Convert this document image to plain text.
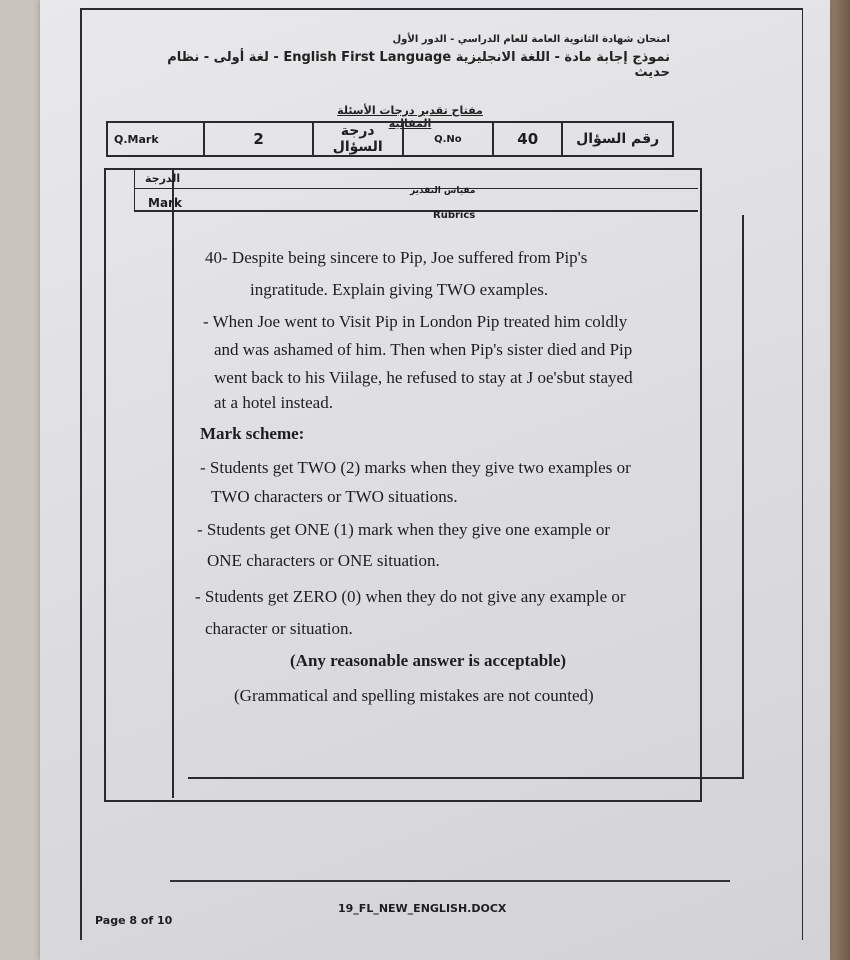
امتحان شهادة الثانوية العامة للعام الدراسي - الدور الأول
نموذج إجابة مادة - اللغة الانجليزية English First Language - لغة أولى - نظام حديث
مفتاح تقدير درجات الأسئلة المقالية
Q.Mark	2	درجة السؤال	Q.No	40	رقم السؤال
الدرجة
Mark
مقياس التقدير
Rubrics
40- Despite being sincere to Pip, Joe suffered from Pip's
ingratitude. Explain giving TWO examples.
- When Joe went to Visit Pip in London Pip treated him coldly
and was ashamed of him. Then when Pip's sister died and Pip
went back to his Viilage, he refused to stay at J oe'sbut stayed
at a hotel instead.
Mark scheme:
- Students get TWO (2) marks when they give two examples or
TWO characters or TWO situations.
- Students get ONE (1) mark when they give one example or
ONE characters or ONE situation.
- Students get ZERO (0) when they do not give any example or
character or situation.
(Any reasonable answer is acceptable)
(Grammatical and spelling mistakes are not counted)
Page 8 of 10
19_FL_NEW_ENGLISH.DOCX
